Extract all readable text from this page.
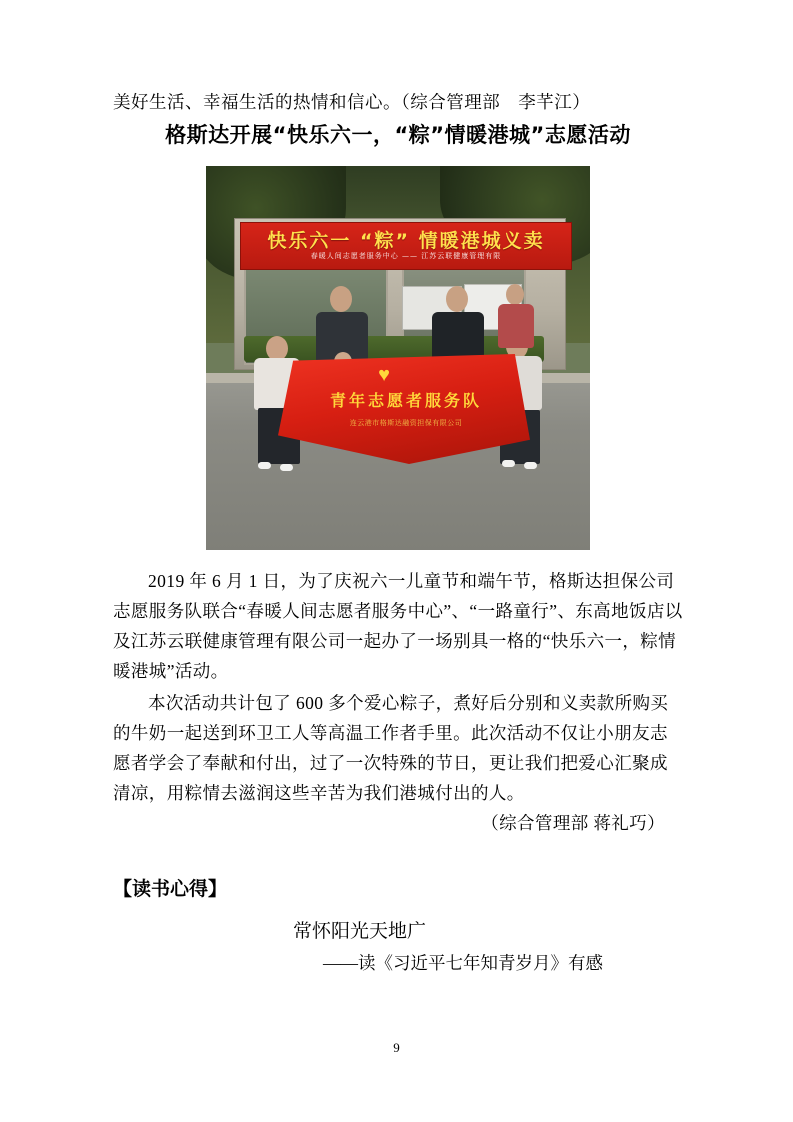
美好生活、幸福生活的热情和信心。（综合管理部　李芊江）
格斯达开展“快乐六一，“粽”情暖港城”志愿活动
快乐六一 “粽” 情暖港城义卖
春暖人间志愿者服务中心 —— 江苏云联健康管理有限
♥
青年志愿者服务队
连云港市格斯达融资担保有限公司
2019 年 6 月 1 日，为了庆祝六一儿童节和端午节，格斯达担保公司志愿服务队联合“春暖人间志愿者服务中心”、“一路童行”、东高地饭店以及江苏云联健康管理有限公司一起办了一场别具一格的“快乐六一，粽情暖港城”活动。
本次活动共计包了 600 多个爱心粽子，煮好后分别和义卖款所购买的牛奶一起送到环卫工人等高温工作者手里。此次活动不仅让小朋友志愿者学会了奉献和付出，过了一次特殊的节日，更让我们把爱心汇聚成清凉，用粽情去滋润这些辛苦为我们港城付出的人。
（综合管理部 蒋礼巧）
【读书心得】
常怀阳光天地广
——读《习近平七年知青岁月》有感
9
